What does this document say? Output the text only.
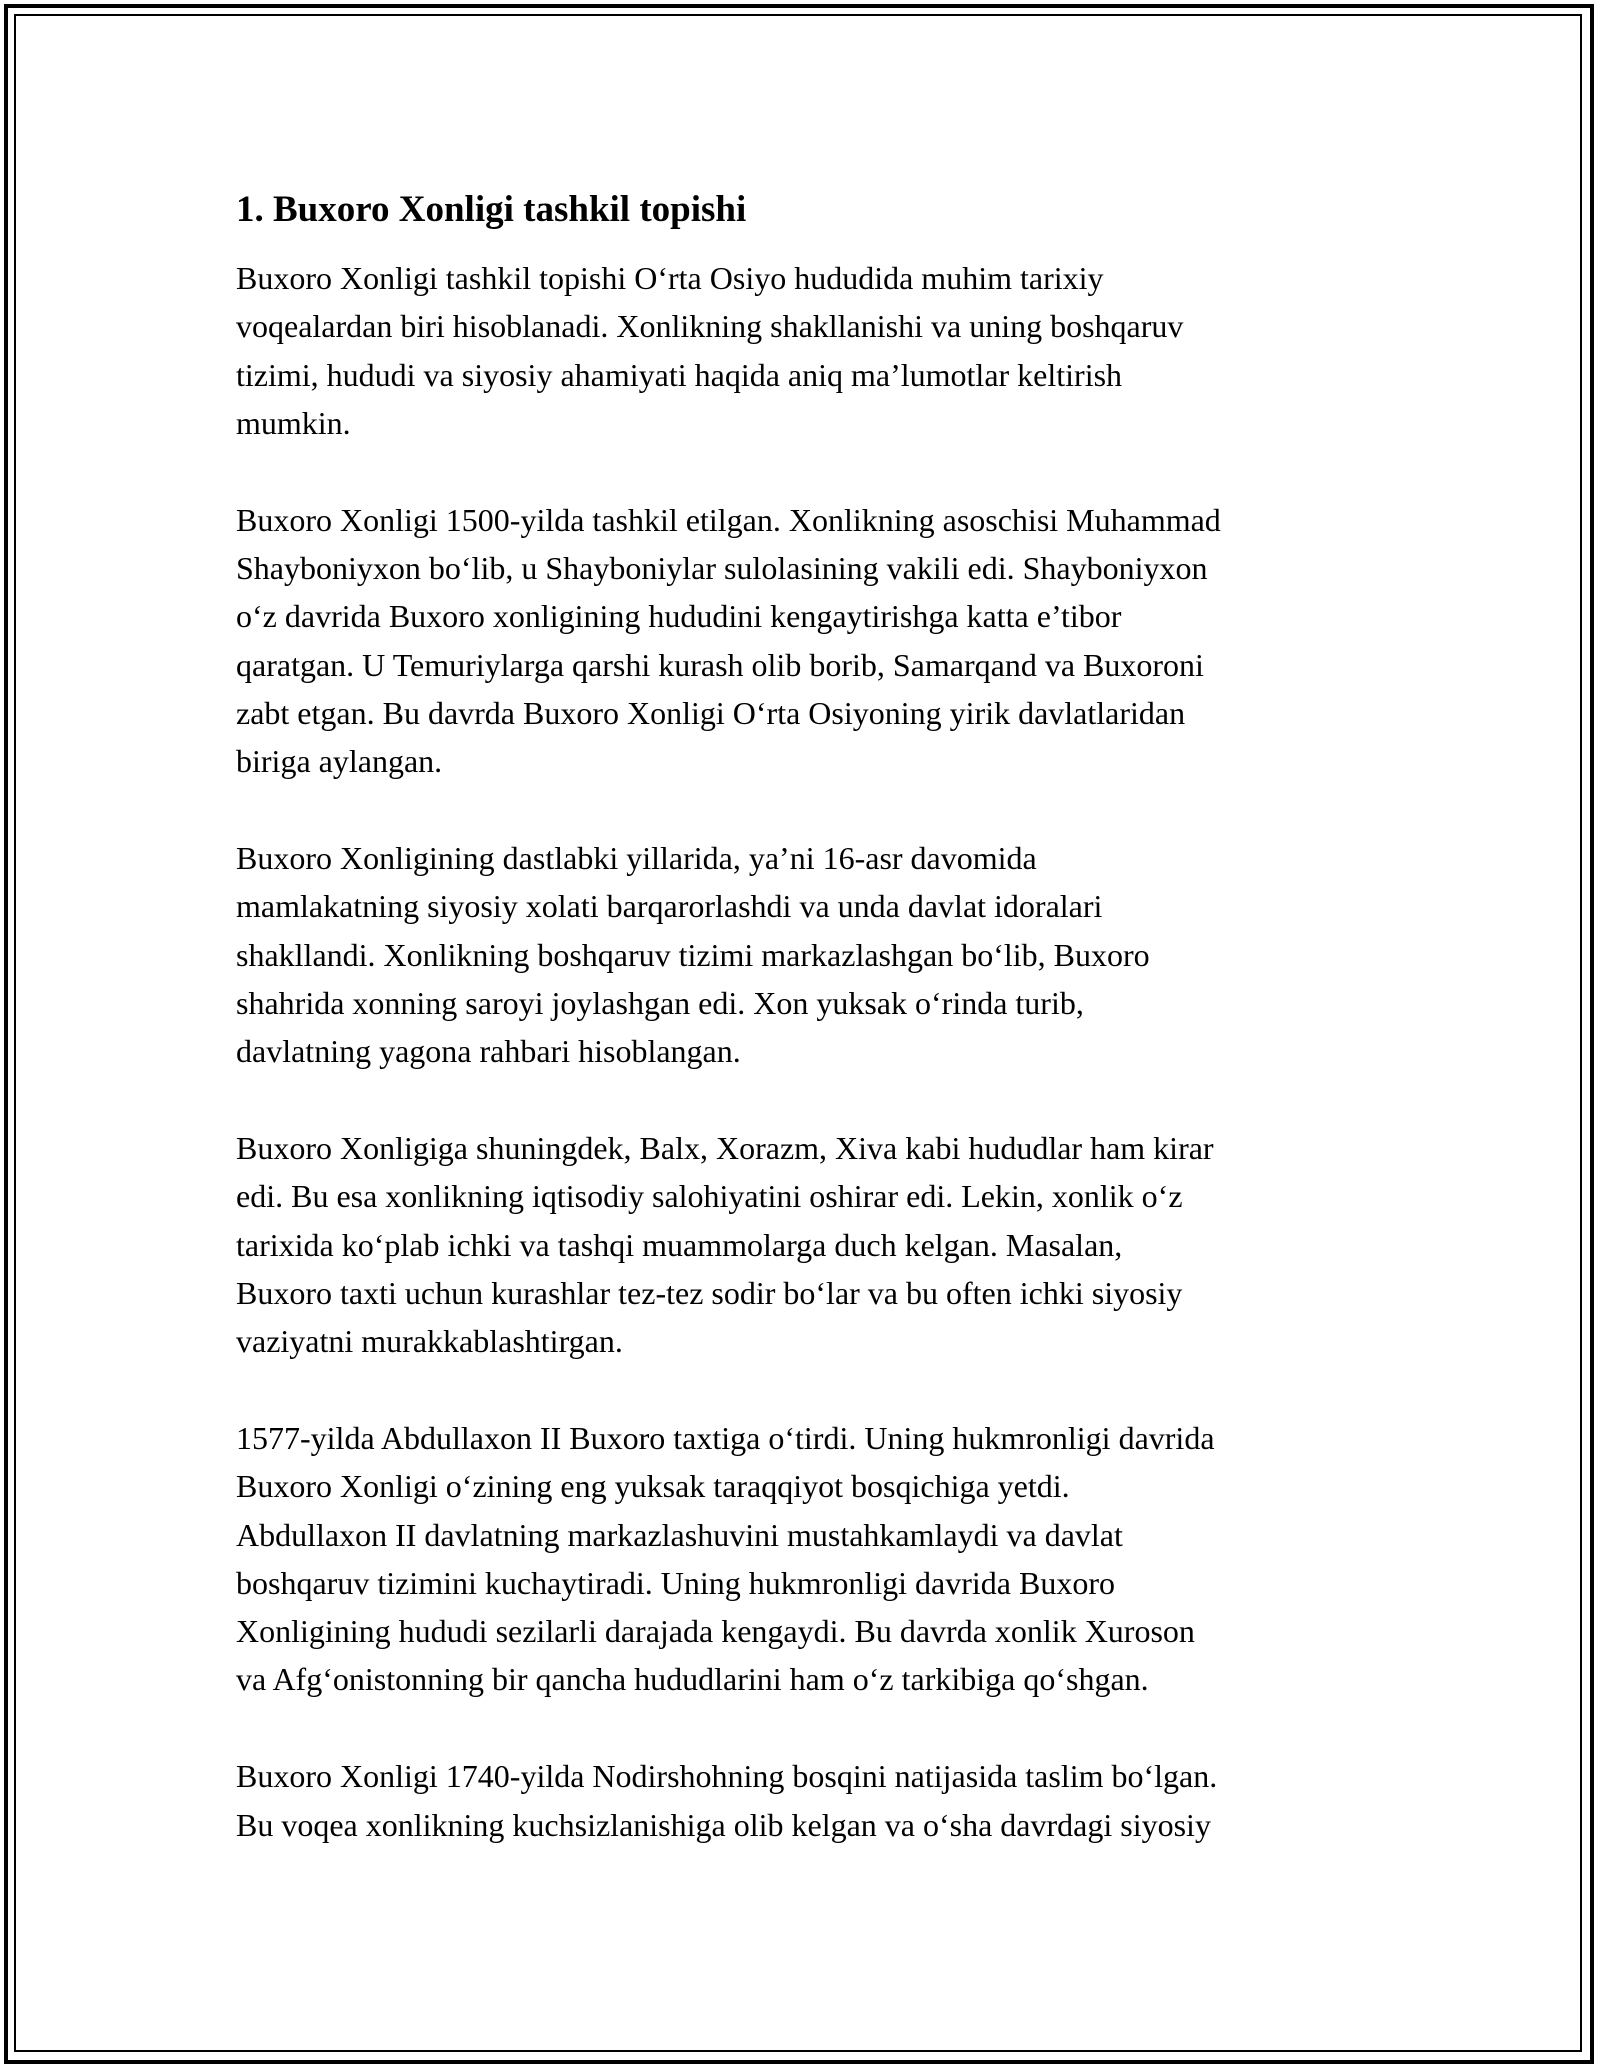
1. Buxoro Xonligi tashkil topishi
Buxoro Xonligi tashkil topishi O‘rta Osiyo hududida muhim tarixiy
voqealardan biri hisoblanadi. Xonlikning shakllanishi va uning boshqaruv
tizimi, hududi va siyosiy ahamiyati haqida aniq ma’lumotlar keltirish
mumkin.
Buxoro Xonligi 1500-yilda tashkil etilgan. Xonlikning asoschisi Muhammad
Shayboniyxon bo‘lib, u Shayboniylar sulolasining vakili edi. Shayboniyxon
o‘z davrida Buxoro xonligining hududini kengaytirishga katta e’tibor
qaratgan. U Temuriylarga qarshi kurash olib borib, Samarqand va Buxoroni
zabt etgan. Bu davrda Buxoro Xonligi O‘rta Osiyoning yirik davlatlaridan
biriga aylangan.
Buxoro Xonligining dastlabki yillarida, ya’ni 16-asr davomida
mamlakatning siyosiy xolati barqarorlashdi va unda davlat idoralari
shakllandi. Xonlikning boshqaruv tizimi markazlashgan bo‘lib, Buxoro
shahrida xonning saroyi joylashgan edi. Xon yuksak o‘rinda turib,
davlatning yagona rahbari hisoblangan.
Buxoro Xonligiga shuningdek, Balx, Xorazm, Xiva kabi hududlar ham kirar
edi. Bu esa xonlikning iqtisodiy salohiyatini oshirar edi. Lekin, xonlik o‘z
tarixida ko‘plab ichki va tashqi muammolarga duch kelgan. Masalan,
Buxoro taxti uchun kurashlar tez-tez sodir bo‘lar va bu often ichki siyosiy
vaziyatni murakkablashtirgan.
1577-yilda Abdullaxon II Buxoro taxtiga o‘tirdi. Uning hukmronligi davrida
Buxoro Xonligi o‘zining eng yuksak taraqqiyot bosqichiga yetdi.
Abdullaxon II davlatning markazlashuvini mustahkamlaydi va davlat
boshqaruv tizimini kuchaytiradi. Uning hukmronligi davrida Buxoro
Xonligining hududi sezilarli darajada kengaydi. Bu davrda xonlik Xuroson
va Afg‘onistonning bir qancha hududlarini ham o‘z tarkibiga qo‘shgan.
Buxoro Xonligi 1740-yilda Nodirshohning bosqini natijasida taslim bo‘lgan.
Bu voqea xonlikning kuchsizlanishiga olib kelgan va o‘sha davrdagi siyosiy
